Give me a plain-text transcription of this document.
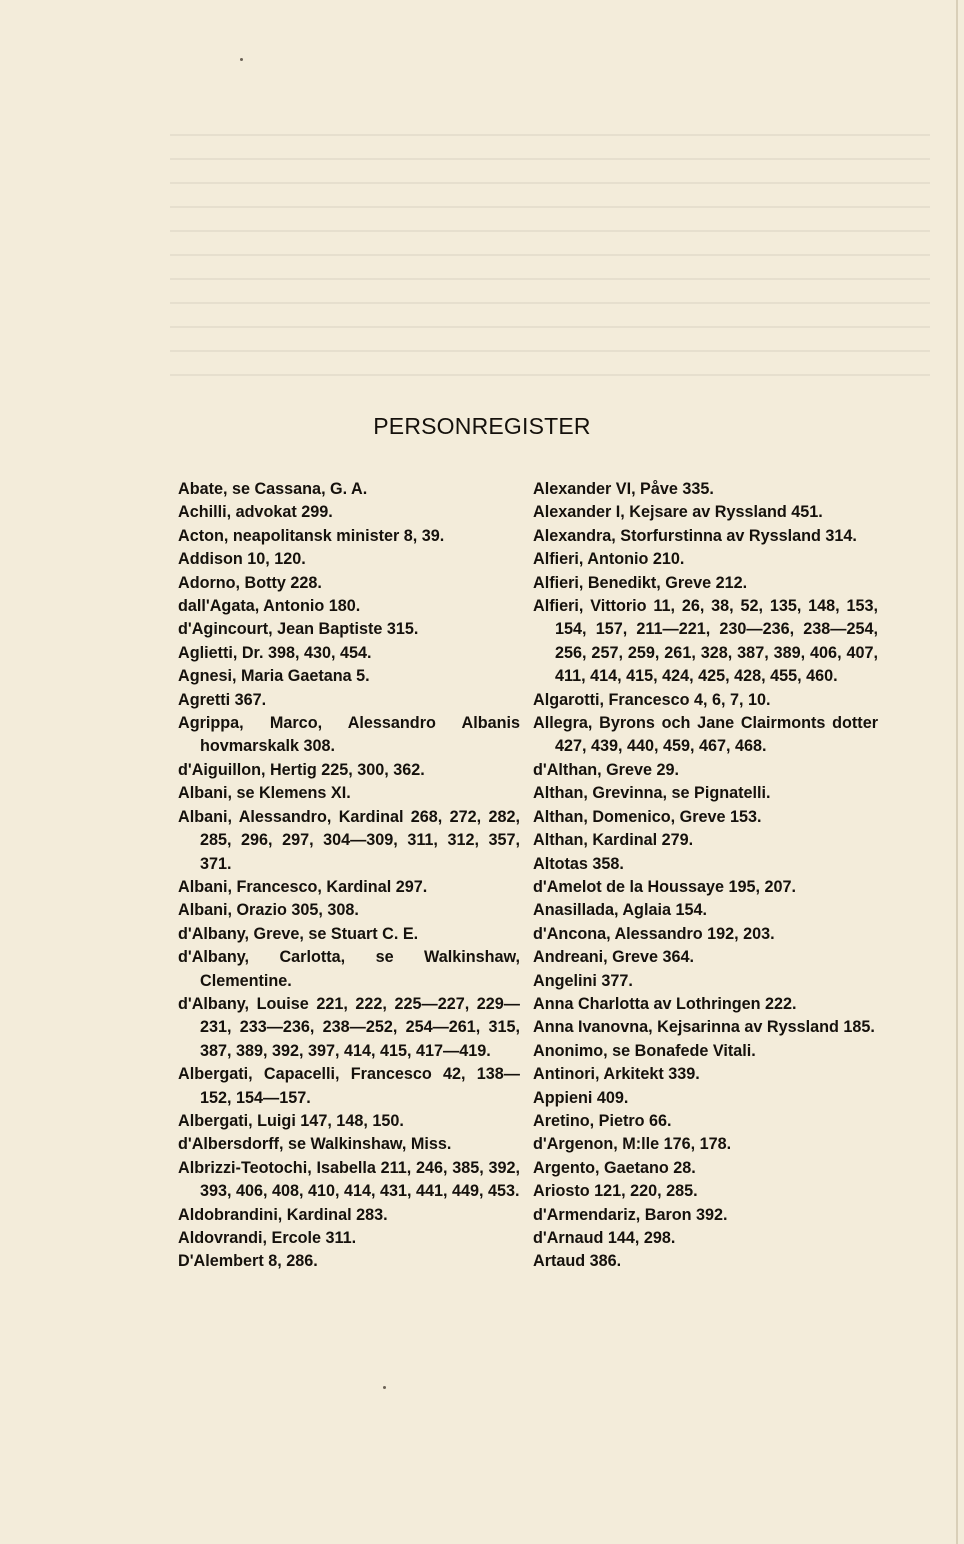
PERSONREGISTER

Abate, se Cassana, G. A.

Achilli, advokat 299.

Acton, neapolitansk minister 8, 39.

Addison 10, 120.

Adorno, Botty 228.

dall'Agata, Antonio 180.

d'Agincourt, Jean Baptiste 315.

Aglietti, Dr. 398, 430, 454.

Agnesi, Maria Gaetana 5.

Agretti 367.

Agrippa, Marco, Alessandro Albanis hovmarskalk 308.

d'Aiguillon, Hertig 225, 300, 362.

Albani, se Klemens XI.

Albani, Alessandro, Kardinal 268, 272, 282, 285, 296, 297, 304—309, 311, 312, 357, 371.

Albani, Francesco, Kardinal 297.

Albani, Orazio 305, 308.

d'Albany, Greve, se Stuart C. E.

d'Albany, Carlotta, se Walkinshaw, Clementine.

d'Albany, Louise 221, 222, 225—227, 229—231, 233—236, 238—252, 254—261, 315, 387, 389, 392, 397, 414, 415, 417—419.

Albergati, Capacelli, Francesco 42, 138—152, 154—157.

Albergati, Luigi 147, 148, 150.

d'Albersdorff, se Walkinshaw, Miss.

Albrizzi-Teotochi, Isabella 211, 246, 385, 392, 393, 406, 408, 410, 414, 431, 441, 449, 453.

Aldobrandini, Kardinal 283.

Aldovrandi, Ercole 311.

D'Alembert 8, 286.

Alexander VI, Påve 335.

Alexander I, Kejsare av Ryssland 451.

Alexandra, Storfurstinna av Ryssland 314.

Alfieri, Antonio 210.

Alfieri, Benedikt, Greve 212.

Alfieri, Vittorio 11, 26, 38, 52, 135, 148, 153, 154, 157, 211—221, 230—236, 238—254, 256, 257, 259, 261, 328, 387, 389, 406, 407, 411, 414, 415, 424, 425, 428, 455, 460.

Algarotti, Francesco 4, 6, 7, 10.

Allegra, Byrons och Jane Clairmonts dotter 427, 439, 440, 459, 467, 468.

d'Althan, Greve 29.

Althan, Grevinna, se Pignatelli.

Althan, Domenico, Greve 153.

Althan, Kardinal 279.

Altotas 358.

d'Amelot de la Houssaye 195, 207.

Anasillada, Aglaia 154.

d'Ancona, Alessandro 192, 203.

Andreani, Greve 364.

Angelini 377.

Anna Charlotta av Lothringen 222.

Anna Ivanovna, Kejsarinna av Ryssland 185.

Anonimo, se Bonafede Vitali.

Antinori, Arkitekt 339.

Appieni 409.

Aretino, Pietro 66.

d'Argenon, M:lle 176, 178.

Argento, Gaetano 28.

Ariosto 121, 220, 285.

d'Armendariz, Baron 392.

d'Arnaud 144, 298.

Artaud 386.
